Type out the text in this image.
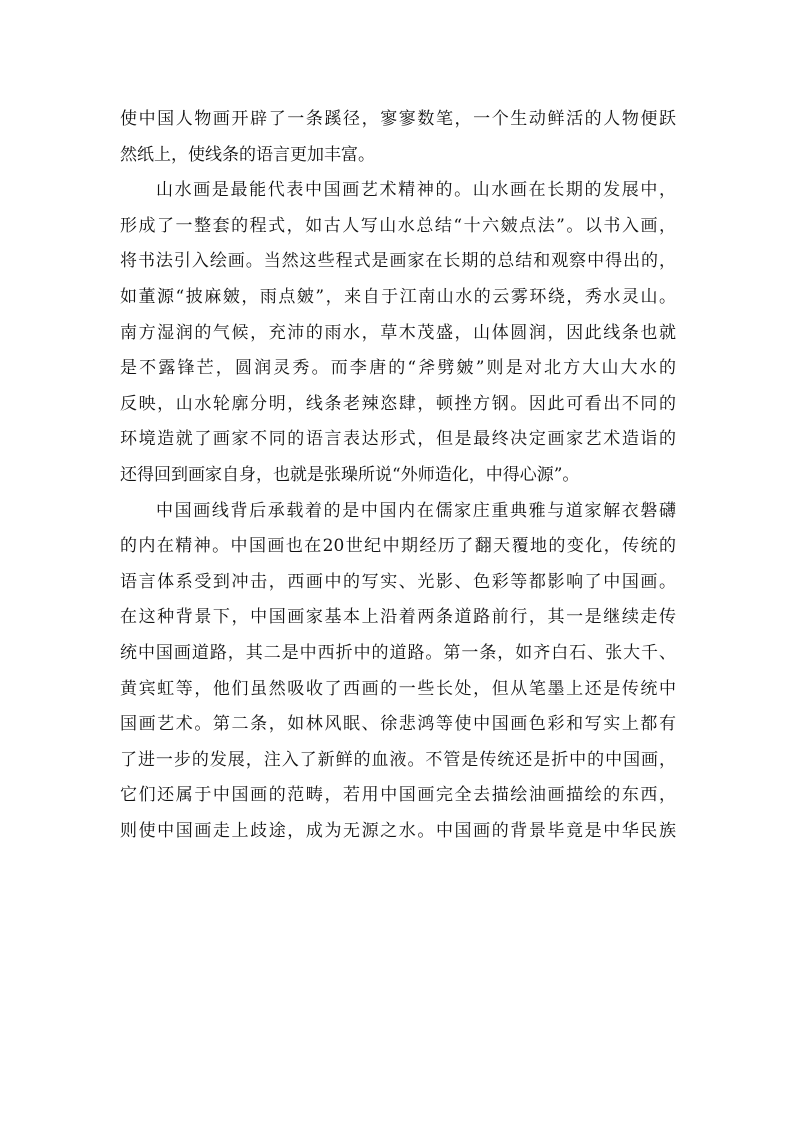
使中国人物画开辟了一条蹊径，寥寥数笔，一个生动鲜活的人物便跃
然纸上，使线条的语言更加丰富。
山水画是最能代表中国画艺术精神的。山水画在长期的发展中，
形成了一整套的程式，如古人写山水总结“十六皴点法”。以书入画，
将书法引入绘画。当然这些程式是画家在长期的总结和观察中得出的，
如董源“披麻皴，雨点皴”，来自于江南山水的云雾环绕，秀水灵山。
南方湿润的气候，充沛的雨水，草木茂盛，山体圆润，因此线条也就
是不露锋芒，圆润灵秀。而李唐的“斧劈皴”则是对北方大山大水的
反映，山水轮廓分明，线条老辣恣肆，顿挫方钢。因此可看出不同的
环境造就了画家不同的语言表达形式，但是最终决定画家艺术造诣的
还得回到画家自身，也就是张璪所说“外师造化，中得心源”。
中国画线背后承载着的是中国内在儒家庄重典雅与道家解衣磐礴
的内在精神。中国画也在20世纪中期经历了翻天覆地的变化，传统的
语言体系受到冲击，西画中的写实、光影、色彩等都影响了中国画。
在这种背景下，中国画家基本上沿着两条道路前行，其一是继续走传
统中国画道路，其二是中西折中的道路。第一条，如齐白石、张大千、
黄宾虹等，他们虽然吸收了西画的一些长处，但从笔墨上还是传统中
国画艺术。第二条，如林风眠、徐悲鸿等使中国画色彩和写实上都有
了进一步的发展，注入了新鲜的血液。不管是传统还是折中的中国画，
它们还属于中国画的范畴，若用中国画完全去描绘油画描绘的东西，
则使中国画走上歧途，成为无源之水。中国画的背景毕竟是中华民族
